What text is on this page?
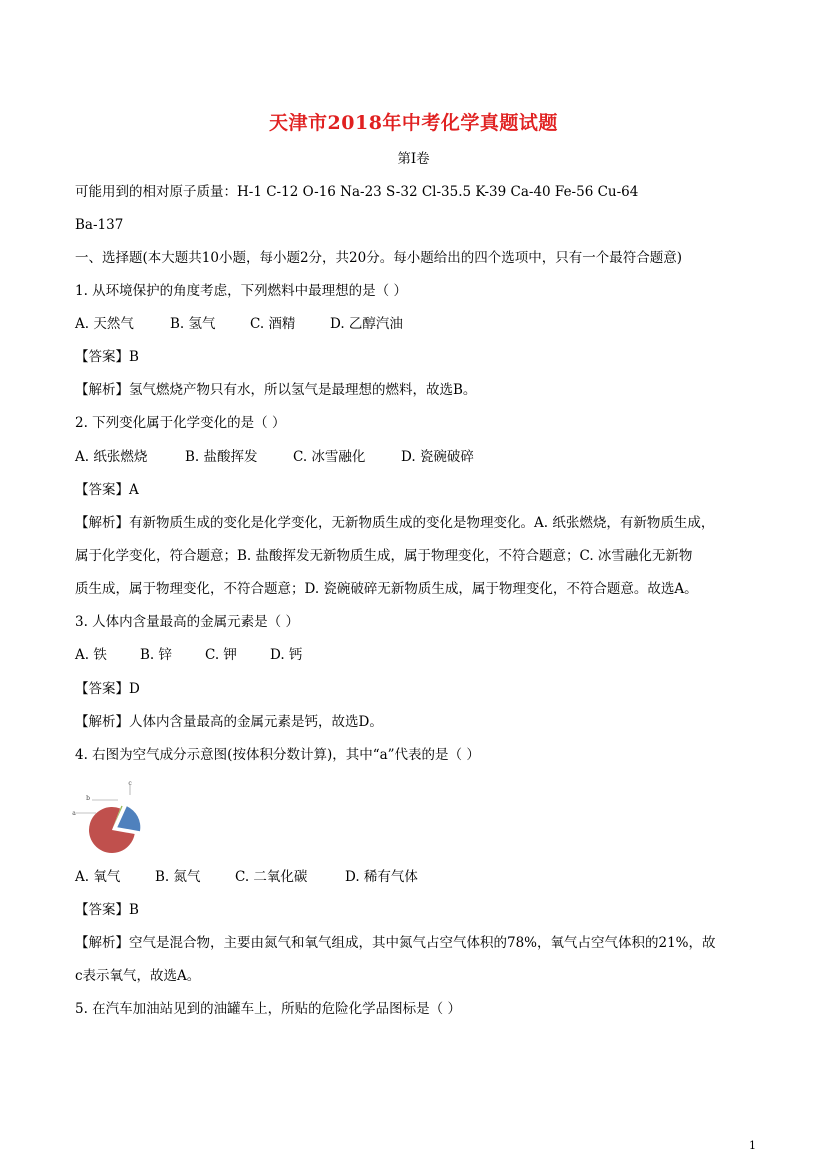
天津市2018年中考化学真题试题
第Ⅰ卷
可能用到的相对原子质量：H-1 C-12 O-16 Na-23 S-32 Cl-35.5 K-39 Ca-40 Fe-56 Cu-64
Ba-137
一、选择题(本大题共10小题，每小题2分，共20分。每小题给出的四个选项中，只有一个最符合题意)
1. 从环境保护的角度考虑，下列燃料中最理想的是（ ）
A. 天然气	B. 氢气	C. 酒精	D. 乙醇汽油
【答案】B
【解析】氢气燃烧产物只有水，所以氢气是最理想的燃料，故选B。
2. 下列变化属于化学变化的是（ ）
A. 纸张燃烧	B. 盐酸挥发	C. 冰雪融化	D. 瓷碗破碎
【答案】A
【解析】有新物质生成的变化是化学变化，无新物质生成的变化是物理变化。A. 纸张燃烧，有新物质生成，
属于化学变化，符合题意；B. 盐酸挥发无新物质生成，属于物理变化，不符合题意；C. 冰雪融化无新物
质生成，属于物理变化，不符合题意；D. 瓷碗破碎无新物质生成，属于物理变化，不符合题意。故选A。
3. 人体内含量最高的金属元素是（ ）
A. 铁 B. 锌 C. 钾 D. 钙
【答案】D
【解析】人体内含量最高的金属元素是钙，故选D。
4. 右图为空气成分示意图(按体积分数计算)，其中“a”代表的是（ ）
a
b
c
A. 氧气	B. 氮气	C. 二氧化碳	D. 稀有气体
【答案】B
【解析】空气是混合物，主要由氮气和氧气组成，其中氮气占空气体积的78%，氧气占空气体积的21%，故
c表示氧气，故选A。
5. 在汽车加油站见到的油罐车上，所贴的危险化学品图标是（ ）
1
